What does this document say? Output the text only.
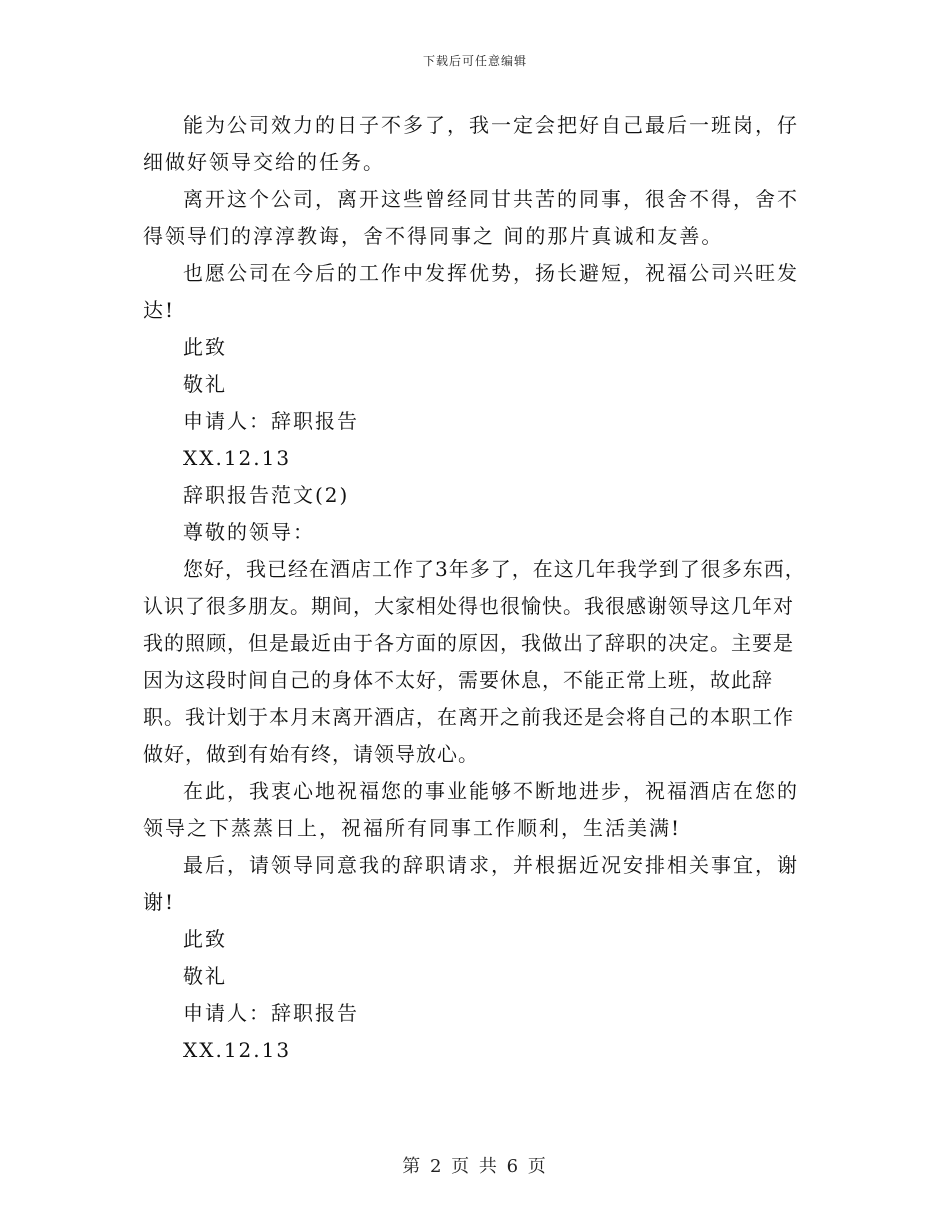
下载后可任意编辑

能为公司效力的日子不多了，我一定会把好自己最后一班岗，仔细做好领导交给的任务。

离开这个公司，离开这些曾经同甘共苦的同事，很舍不得，舍不得领导们的淳淳教诲，舍不得同事之 间的那片真诚和友善。

也愿公司在今后的工作中发挥优势，扬长避短，祝福公司兴旺发达!

此致

敬礼

申请人：辞职报告

XX.12.13

辞职报告范文(2)

尊敬的领导：

您好，我已经在酒店工作了3年多了，在这几年我学到了很多东西，认识了很多朋友。期间，大家相处得也很愉快。我很感谢领导这几年对我的照顾，但是最近由于各方面的原因，我做出了辞职的决定。主要是因为这段时间自己的身体不太好，需要休息，不能正常上班，故此辞职。我计划于本月末离开酒店，在离开之前我还是会将自己的本职工作做好，做到有始有终，请领导放心。

在此，我衷心地祝福您的事业能够不断地进步，祝福酒店在您的领导之下蒸蒸日上，祝福所有同事工作顺利，生活美满!

最后，请领导同意我的辞职请求，并根据近况安排相关事宜，谢谢!

此致

敬礼

申请人：辞职报告

XX.12.13

第 2 页 共 6 页
